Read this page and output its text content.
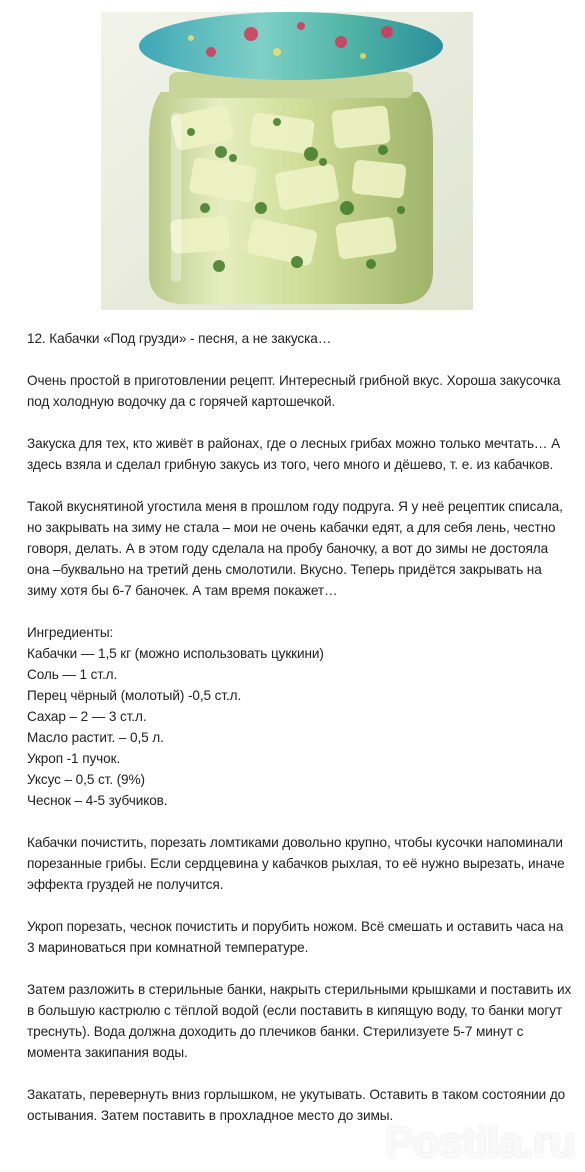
12. Кабачки «Под грузди» - песня, а не закуска…

Очень простой в приготовлении рецепт. Интересный грибной вкус. Хороша закусочка под холодную водочку да с горячей картошечкой.

Закуска для тех, кто живёт в районах, где о лесных грибах можно только мечтать… А здесь взяла и сделал грибную закусь из того, чего много и дёшево, т. е. из кабачков.

Такой вкуснятиной угостила меня в прошлом году подруга. Я у неё рецептик списала, но закрывать на зиму не стала – мои не очень кабачки едят, а для себя лень, честно говоря, делать. А в этом году сделала на пробу баночку, а вот до зимы не достояла она –буквально на третий день смолотили. Вкусно. Теперь придётся закрывать на зиму хотя бы 6-7 баночек. А там время покажет…

Ингредиенты:
Кабачки — 1,5 кг (можно использовать цуккини)
Соль — 1 ст.л.
Перец чёрный (молотый) -0,5 ст.л.
Сахар – 2 — 3 ст.л.
Масло растит. – 0,5 л.
Укроп -1 пучок.
Уксус – 0,5 ст. (9%)
Чеснок – 4-5 зубчиков.

Кабачки почистить, порезать ломтиками довольно крупно, чтобы кусочки напоминали порезанные грибы. Если сердцевина у кабачков рыхлая, то её нужно вырезать, иначе эффекта груздей не получится.

Укроп порезать, чеснок почистить и порубить ножом. Всё смешать и оставить часа на 3 мариноваться при комнатной температуре.

Затем разложить в стерильные банки, накрыть стерильными крышками и поставить их в большую кастрюлю с тёплой водой (если поставить в кипящую воду, то банки могут треснуть). Вода должна доходить до плечиков банки. Стерилизуете 5-7 минут с момента закипания воды.

Закатать, перевернуть вниз горлышком, не укутывать. Оставить в таком состоянии до остывания. Затем поставить в прохладное место до зимы.

Postila.ru
